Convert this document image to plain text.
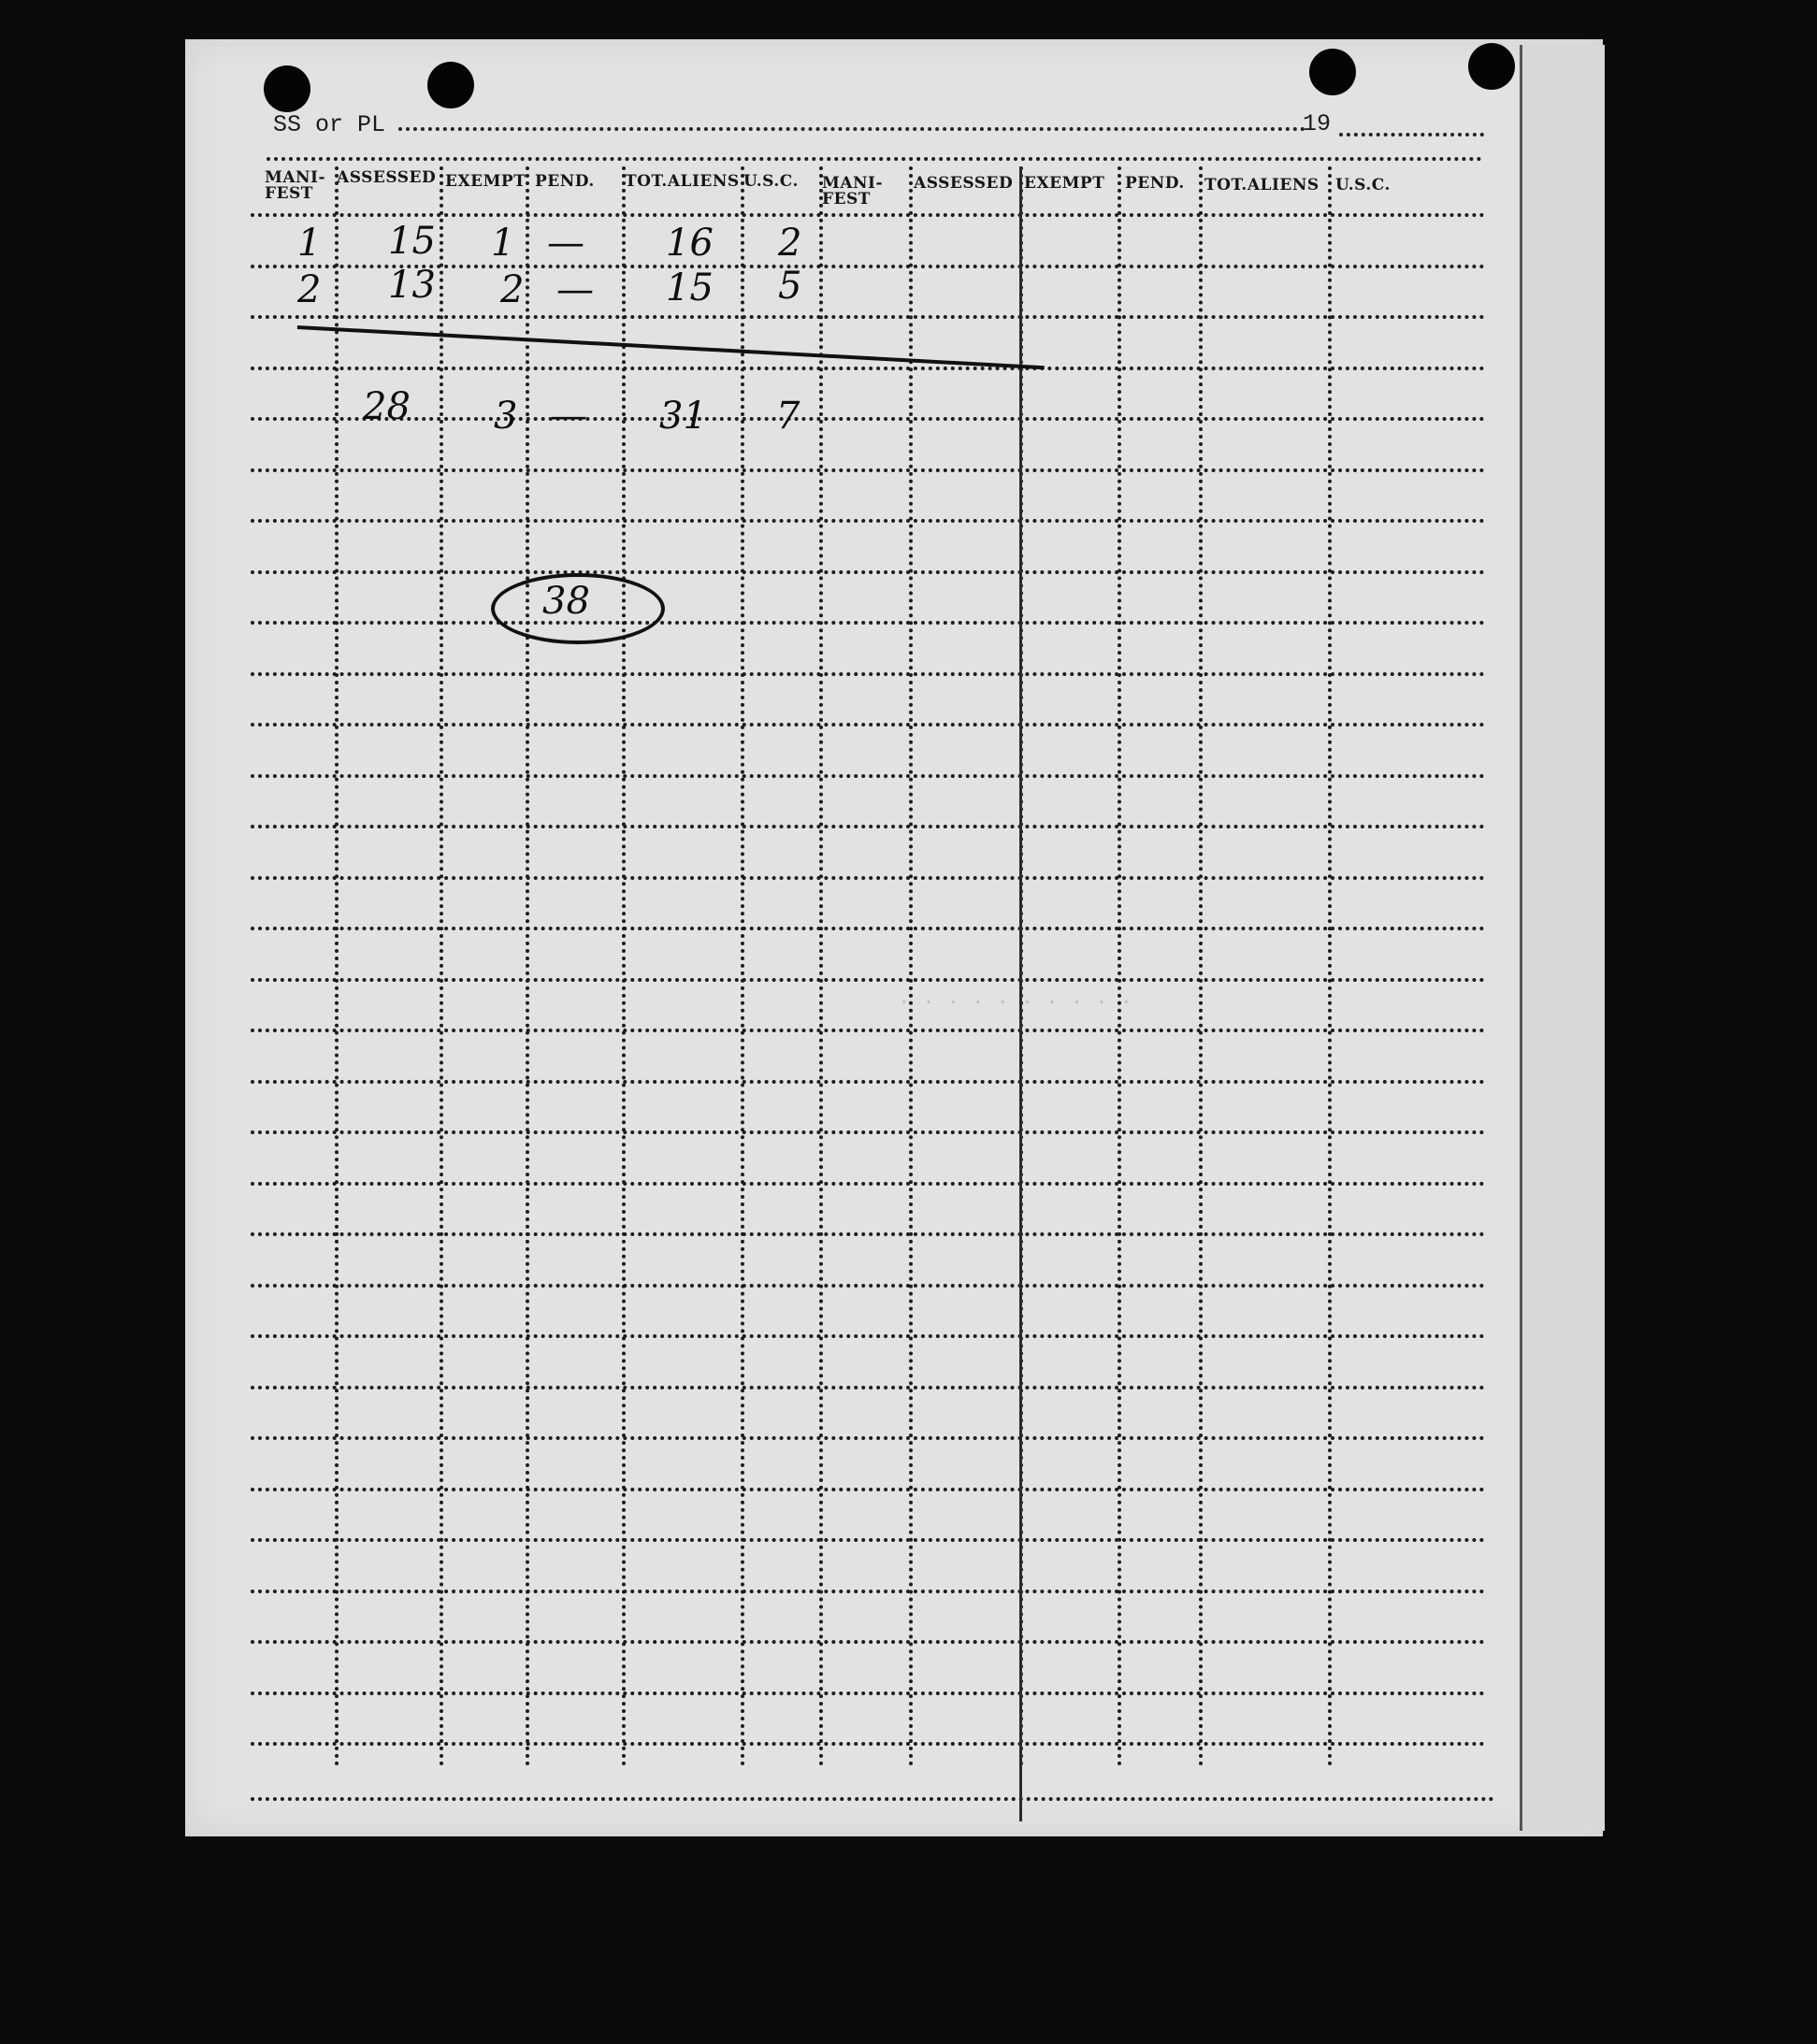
. . . . . . . . . .
SS or PL	19
MANI-
FEST
ASSESSED EXEMPT PEND. TOT.ALIENS U.S.C. MANI-
FEST
ASSESSED EXEMPT PEND. TOT.ALIENS U.S.C.
1 15 1 — 16 2
2 13 2 — 15 5
28 3 — 31 7
38
